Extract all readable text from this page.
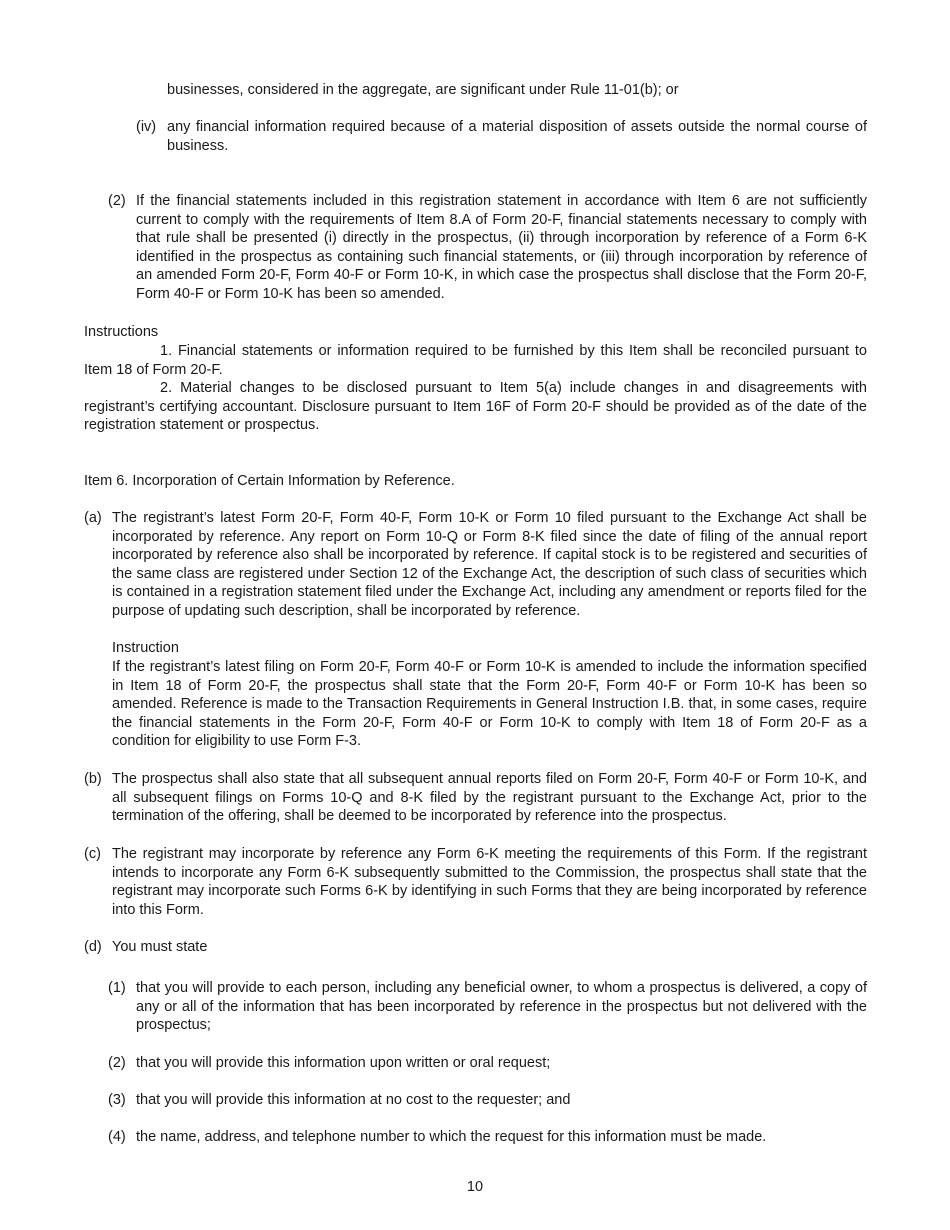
businesses, considered in the aggregate, are significant under Rule 11-01(b); or
(iv) any financial information required because of a material disposition of assets outside the normal course of business.
(2) If the financial statements included in this registration statement in accordance with Item 6 are not sufficiently current to comply with the requirements of Item 8.A of Form 20-F, financial statements necessary to comply with that rule shall be presented (i) directly in the prospectus, (ii) through incorporation by reference of a Form 6-K identified in the prospectus as containing such financial statements, or (iii) through incorporation by reference of an amended Form 20-F, Form 40-F or Form 10-K, in which case the prospectus shall disclose that the Form 20-F, Form 40-F or Form 10-K has been so amended.
Instructions
1. Financial statements or information required to be furnished by this Item shall be reconciled pursuant to Item 18 of Form 20-F.
2. Material changes to be disclosed pursuant to Item 5(a) include changes in and disagreements with registrant’s certifying accountant. Disclosure pursuant to Item 16F of Form 20-F should be provided as of the date of the registration statement or prospectus.
Item 6. Incorporation of Certain Information by Reference.
(a) The registrant’s latest Form 20-F, Form 40-F, Form 10-K or Form 10 filed pursuant to the Exchange Act shall be incorporated by reference. Any report on Form 10-Q or Form 8-K filed since the date of filing of the annual report incorporated by reference also shall be incorporated by reference. If capital stock is to be registered and securities of the same class are registered under Section 12 of the Exchange Act, the description of such class of securities which is contained in a registration statement filed under the Exchange Act, including any amendment or reports filed for the purpose of updating such description, shall be incorporated by reference.
Instruction
If the registrant’s latest filing on Form 20-F, Form 40-F or Form 10-K is amended to include the information specified in Item 18 of Form 20-F, the prospectus shall state that the Form 20-F, Form 40-F or Form 10-K has been so amended. Reference is made to the Transaction Requirements in General Instruction I.B. that, in some cases, require the financial statements in the Form 20-F, Form 40-F or Form 10-K to comply with Item 18 of Form 20-F as a condition for eligibility to use Form F-3.
(b) The prospectus shall also state that all subsequent annual reports filed on Form 20-F, Form 40-F or Form 10-K, and all subsequent filings on Forms 10-Q and 8-K filed by the registrant pursuant to the Exchange Act, prior to the termination of the offering, shall be deemed to be incorporated by reference into the prospectus.
(c) The registrant may incorporate by reference any Form 6-K meeting the requirements of this Form. If the registrant intends to incorporate any Form 6-K subsequently submitted to the Commission, the prospectus shall state that the registrant may incorporate such Forms 6-K by identifying in such Forms that they are being incorporated by reference into this Form.
(d) You must state
(1) that you will provide to each person, including any beneficial owner, to whom a prospectus is delivered, a copy of any or all of the information that has been incorporated by reference in the prospectus but not delivered with the prospectus;
(2) that you will provide this information upon written or oral request;
(3) that you will provide this information at no cost to the requester; and
(4) the name, address, and telephone number to which the request for this information must be made.
10
